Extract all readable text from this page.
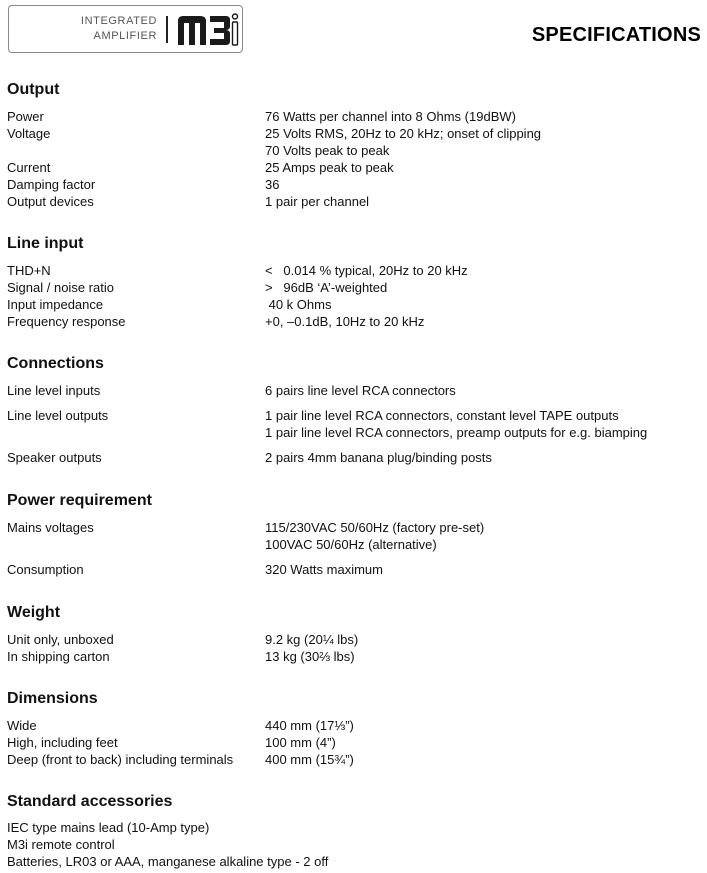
INTEGRATED
AMPLIFIER	SPECIFICATIONS
Output
Power	76 Watts per channel into 8 Ohms (19dBW)
Voltage	25 Volts RMS, 20Hz to 20 kHz; onset of clipping
70 Volts peak to peak
Current	25 Amps peak to peak
Damping factor	36
Output devices	1 pair per channel
Line input
THD+N	<   0.014 % typical, 20Hz to 20 kHz
Signal / noise ratio	>   96dB ‘A’-weighted
Input impedance	40 k Ohms
Frequency response	+0, –0.1dB, 10Hz to 20 kHz
Connections
Line level inputs	6 pairs line level RCA connectors
Line level outputs	1 pair line level RCA connectors, constant level TAPE outputs
1 pair line level RCA connectors, preamp outputs for e.g. biamping
Speaker outputs	2 pairs 4mm banana plug/binding posts
Power requirement
Mains voltages	115/230VAC 50/60Hz (factory pre-set)
100VAC 50/60Hz (alternative)
Consumption	320 Watts maximum
Weight
Unit only, unboxed	9.2 kg (20¼ lbs)
In shipping carton	13 kg (30⅔ lbs)
Dimensions
Wide	440 mm (17⅓”)
High, including feet	100 mm (4”)
Deep (front to back) including terminals 400 mm (15¾”)
Standard accessories
IEC type mains lead (10-Amp type)
M3i remote control
Batteries, LR03 or AAA, manganese alkaline type - 2 off
